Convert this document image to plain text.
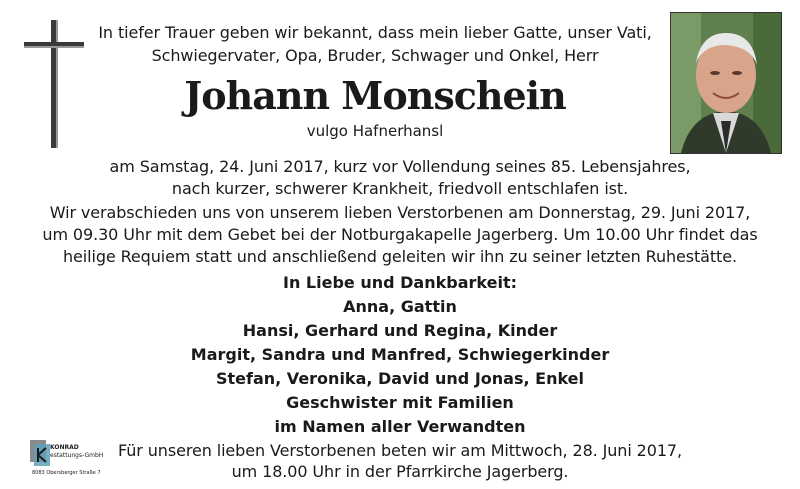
In tiefer Trauer geben wir bekannt, dass mein lieber Gatte, unser Vati,
Schwiegervater, Opa, Bruder, Schwager und Onkel, Herr
Johann Monschein
vulgo Hafnerhansl
am Samstag, 24. Juni 2017, kurz vor Vollendung seines 85. Lebensjahres,
nach kurzer, schwerer Krankheit, friedvoll entschlafen ist.
Wir verabschieden uns von unserem lieben Verstorbenen am Donnerstag, 29. Juni 2017,
um 09.30 Uhr mit dem Gebet bei der Notburgakapelle Jagerberg. Um 10.00 Uhr findet das
heilige Requiem statt und anschließend geleiten wir ihn zu seiner letzten Ruhestätte.
In Liebe und Dankbarkeit:
Anna, Gattin
Hansi, Gerhard und Regina, Kinder
Margit, Sandra und Manfred, Schwiegerkinder
Stefan, Veronika, David und Jonas, Enkel
Geschwister mit Familien
im Namen aller Verwandten
Für unseren lieben Verstorbenen beten wir am Mittwoch, 28. Juni 2017,
um 18.00 Uhr in der Pfarrkirche Jagerberg.
KONRAD
estattungs-GmbH
8083 Obersberger Straße 7
